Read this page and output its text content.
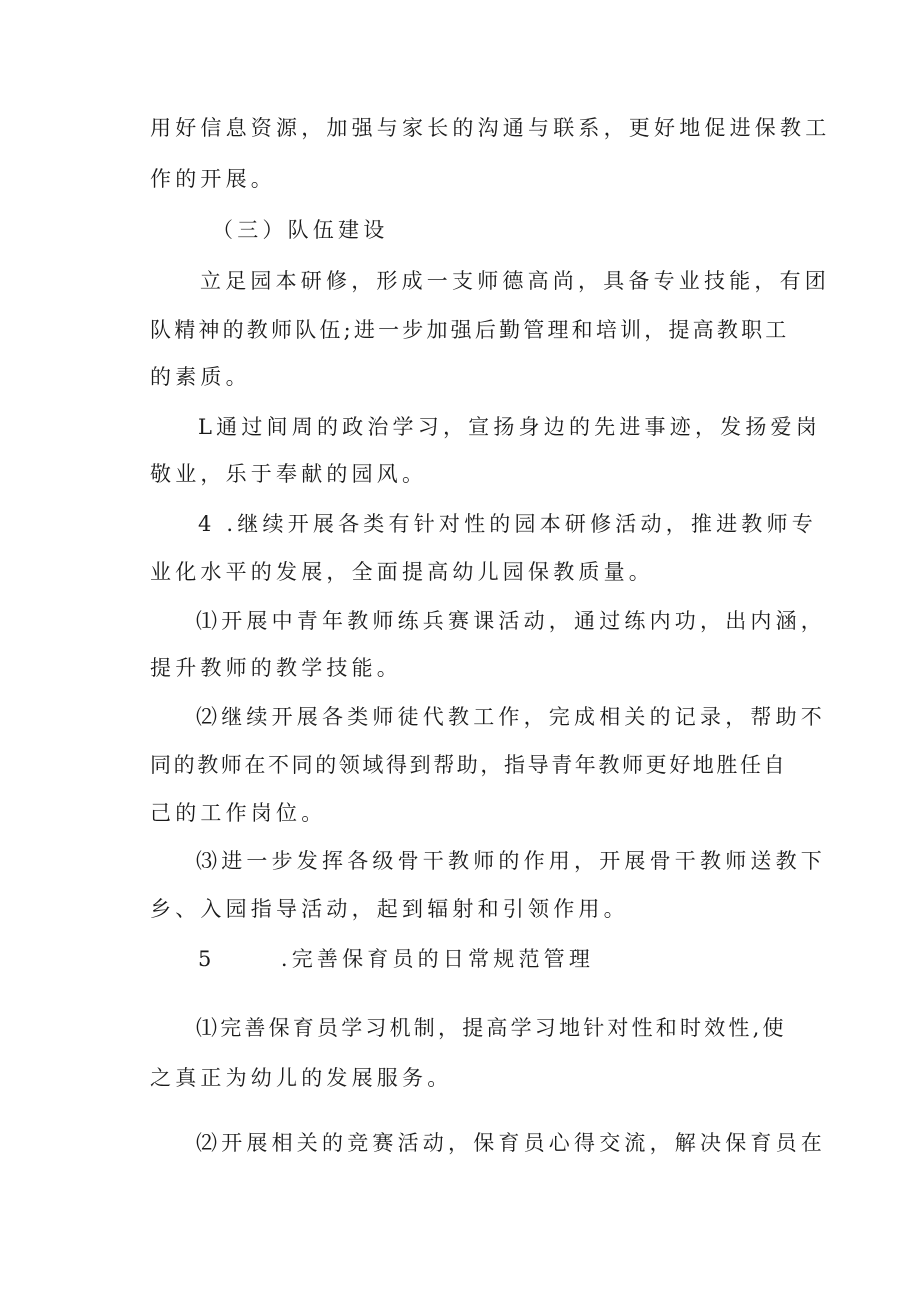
用好信息资源，加强与家长的沟通与联系，更好地促进保教工
作的开展。
（三）队伍建设
立足园本研修，形成一支师德高尚，具备专业技能，有团
队精神的教师队伍;进一步加强后勤管理和培训，提高教职工
的素质。
L通过间周的政治学习，宣扬身边的先进事迹，发扬爱岗
敬业，乐于奉献的园风。
4 .继续开展各类有针对性的园本研修活动，推进教师专
业化水平的发展，全面提高幼儿园保教质量。
⑴开展中青年教师练兵赛课活动，通过练内功，出内涵，
提升教师的教学技能。
⑵继续开展各类师徒代教工作，完成相关的记录，帮助不
同的教师在不同的领域得到帮助，指导青年教师更好地胜任自
己的工作岗位。
⑶进一步发挥各级骨干教师的作用，开展骨干教师送教下
乡、入园指导活动，起到辐射和引领作用。
5      .完善保育员的日常规范管理
⑴完善保育员学习机制，提高学习地针对性和时效性,使
之真正为幼儿的发展服务。
⑵开展相关的竞赛活动，保育员心得交流，解决保育员在
